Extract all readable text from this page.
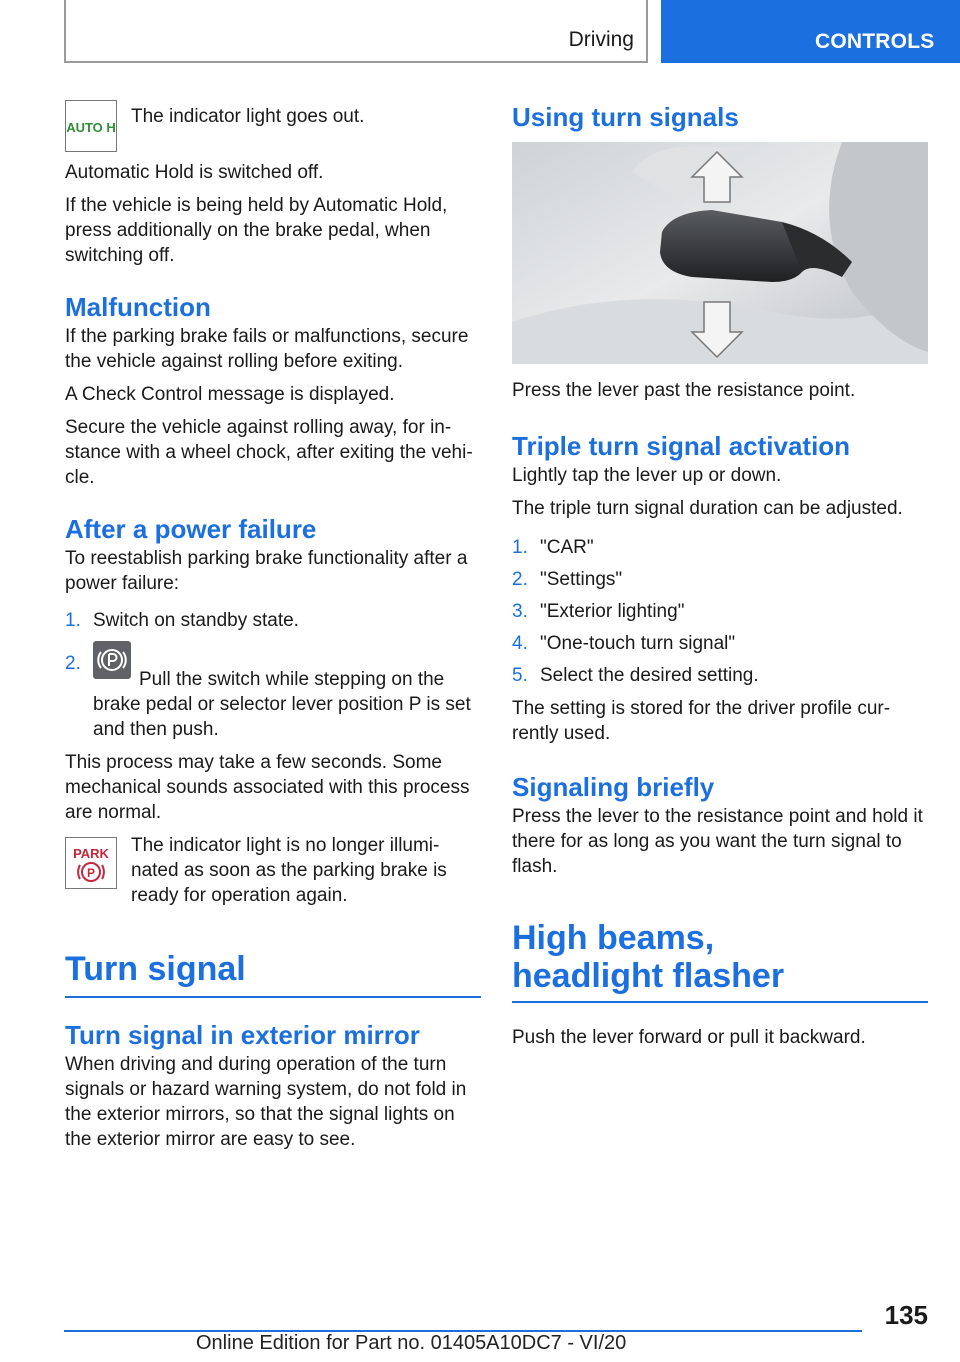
Driving	CONTROLS
AUTO H

The indicator light goes out.

Automatic Hold is switched off.

If the vehicle is being held by Automatic Hold, press additionally on the brake pedal, when switching off.

Malfunction

If the parking brake fails or malfunctions, secure the vehicle against rolling before exiting.

A Check Control message is displayed.

Secure the vehicle against rolling away, for in-stance with a wheel chock, after exiting the vehi-cle.

After a power failure

To reestablish parking brake functionality after a power failure:

1. Switch on standby state.
2.
Pull the switch while stepping on the brake pedal or selector lever position P is set and then push.

This process may take a few seconds. Some mechanical sounds associated with this process are normal.

PARK
P

The indicator light is no longer illumi-nated as soon as the parking brake is ready for operation again.

Turn signal
Turn signal in exterior mirror

When driving and during operation of the turn signals or hazard warning system, do not fold in the exterior mirrors, so that the signal lights on the exterior mirror are easy to see.

Using turn signals

Press the lever past the resistance point.

Triple turn signal activation

Lightly tap the lever up or down.

The triple turn signal duration can be adjusted.

1. "CAR"
2. "Settings"
3. "Exterior lighting"
4. "One-touch turn signal"
5. Select the desired setting.

The setting is stored for the driver profile cur-rently used.

Signaling briefly

Press the lever to the resistance point and hold it there for as long as you want the turn signal to flash.

High beams,
headlight flasher

Push the lever forward or pull it backward.

135
Online Edition for Part no. 01405A10DC7 - VI/20
